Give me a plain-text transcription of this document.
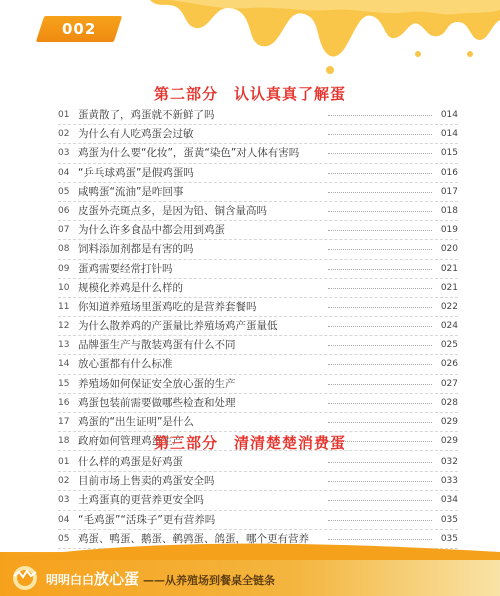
002
第二部分　认认真真了解蛋
01 蛋黄散了，鸡蛋就不新鲜了吗	014
02 为什么有人吃鸡蛋会过敏	014
03 鸡蛋为什么要“化妆”，蛋黄“染色”对人体有害吗	015
04 “乒乓球鸡蛋”是假鸡蛋吗	016
05 咸鸭蛋“流油”是咋回事	017
06 皮蛋外壳斑点多，是因为铅、铜含量高吗	018
07 为什么许多食品中都会用到鸡蛋	019
08 饲料添加剂都是有害的吗	020
09 蛋鸡需要经常打针吗	021
10 规模化养鸡是什么样的	021
11 你知道养殖场里蛋鸡吃的是营养套餐吗	022
12 为什么散养鸡的产蛋量比养殖场鸡产蛋量低	024
13 品牌蛋生产与散装鸡蛋有什么不同	025
14 放心蛋都有什么标准	026
15 养殖场如何保证安全放心蛋的生产	027
16 鸡蛋包装前需要做哪些检查和处理	028
17 鸡蛋的“出生证明”是什么	029
18 政府如何管理鸡蛋生产	029
第三部分　清清楚楚消费蛋
01 什么样的鸡蛋是好鸡蛋	032
02 目前市场上售卖的鸡蛋安全吗	033
03 土鸡蛋真的更营养更安全吗	034
04 “毛鸡蛋”“活珠子”更有营养吗	035
05 鸡蛋、鸭蛋、鹅蛋、鹌鹑蛋、鸽蛋，哪个更有营养	035
明明白白放心蛋 ——从养殖场到餐桌全链条
